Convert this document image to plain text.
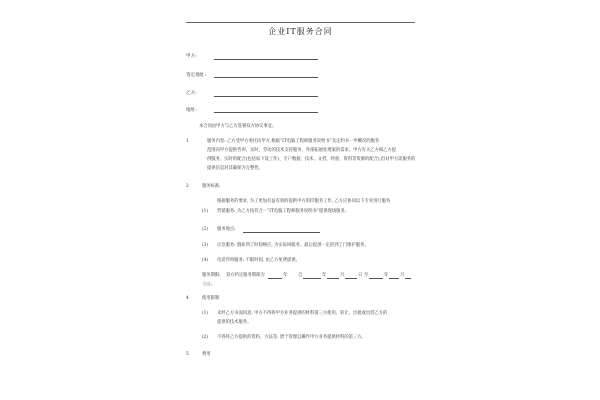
企业IT服务合同
甲方:
签定地址:
乙方:
地址:
本合同由甲方与乙方签署双方协议事宜。
1	服务内容: 乙方受甲方委托向甲方,根据“IT电脑工程师服务说明书”具定约书一甲概况的服务
范围向甲方提供咨询、实时、劳动的技术支持服务、外部拓展处理案的需求。甲方有关乙方相乙方提
供服务、实时的配合(包括如下设工作)、专户数据、技术、文档、经验、资料等资源的配合),但对甲方需服务的
提供信息对其确保为完整性。
2	服务标准:
根据服务的要求, 为了更加有益有效的提供甲方的IT服务工作, 乙方应协同以下专业进行服务
(1) 营销服务: 为乙方按符合一“IT电脑工程师服务说明书”提供现场服务。
(2) 服务地点:
(3) 应急服务: 假如到了时间响应, 为实际回服务。最后提供一定的到了门维护服务。
(4) 电话咨询服务: 不限时间, 由乙方免费提供。
服务期限: 双方约定服务期限为	年 自	年	月	日 至	年	月
日止。
4	使用限制
(1) 未经乙方书面同意, 甲方不得将甲方业务提供的材料第三方使用、转让、出租或出借乙方的
提供的技术服务。
(2) 不得将乙方提供的资料、方法等, 泄于管理以操作甲方业务提供材料的第三方。
5	费用
